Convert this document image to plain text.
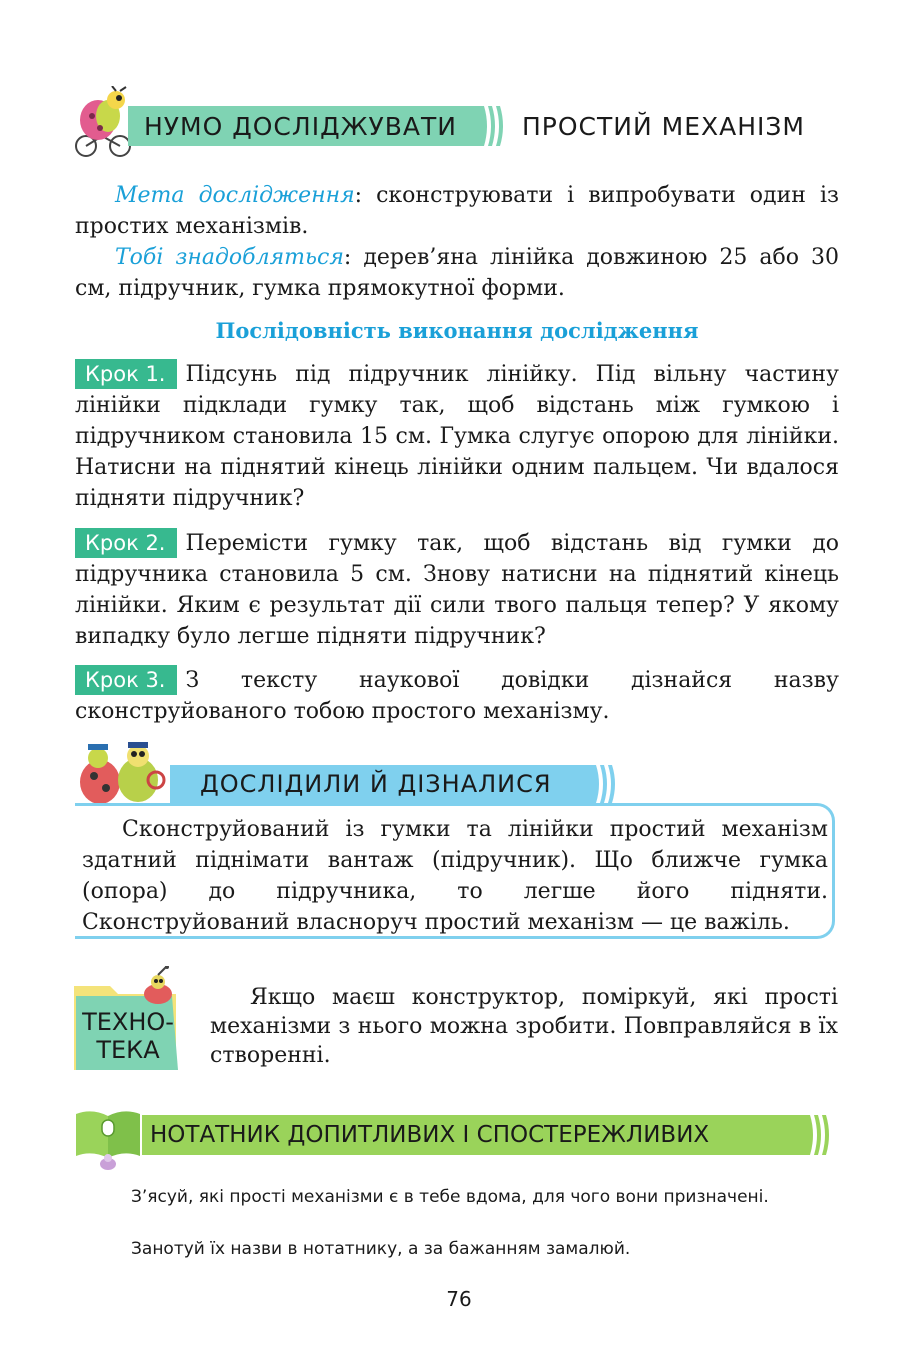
НУМО ДОСЛІДЖУВАТИ	ПРОСТИЙ МЕХАНІЗМ
Мета дослідження: сконструювати і випробувати один із простих механізмів.
Тобі знадобляться: дерев’яна лінійка довжиною 25 або 30 см, підручник, гумка прямокутної форми.
Послідовність виконання дослідження
Крок 1. Підсунь під підручник лінійку. Під вільну частину лінійки підклади гумку так, щоб відстань між гумкою і підручником становила 15 см. Гумка слугує опорою для лінійки. Натисни на піднятий кінець лінійки одним пальцем. Чи вдалося підняти підручник?
Крок 2. Перемісти гумку так, щоб відстань від гумки до підручника становила 5 см. Знову натисни на піднятий кінець лінійки. Яким є результат дії сили твого пальця тепер? У якому випадку було легше підняти підручник?
Крок 3. З тексту наукової довідки дізнайся назву сконструйованого тобою простого механізму.
ДОСЛІДИЛИ Й ДІЗНАЛИСЯ
Сконструйований із гумки та лінійки простий механізм здатний піднімати вантаж (підручник). Що ближче гумка (опора) до підручника, то легше його підняти. Сконструйований власноруч простий механізм — це важіль.
ТЕХНО-
ТЕКА
Якщо маєш конструктор, поміркуй, які прості механізми з нього можна зробити. Повправляйся в їх створенні.
НОТАТНИК ДОПИТЛИВИХ І СПОСТЕРЕЖЛИВИХ
З’ясуй, які прості механізми є в тебе вдома, для чого вони призначені.
Занотуй їх назви в нотатнику, а за бажанням замалюй.
76
